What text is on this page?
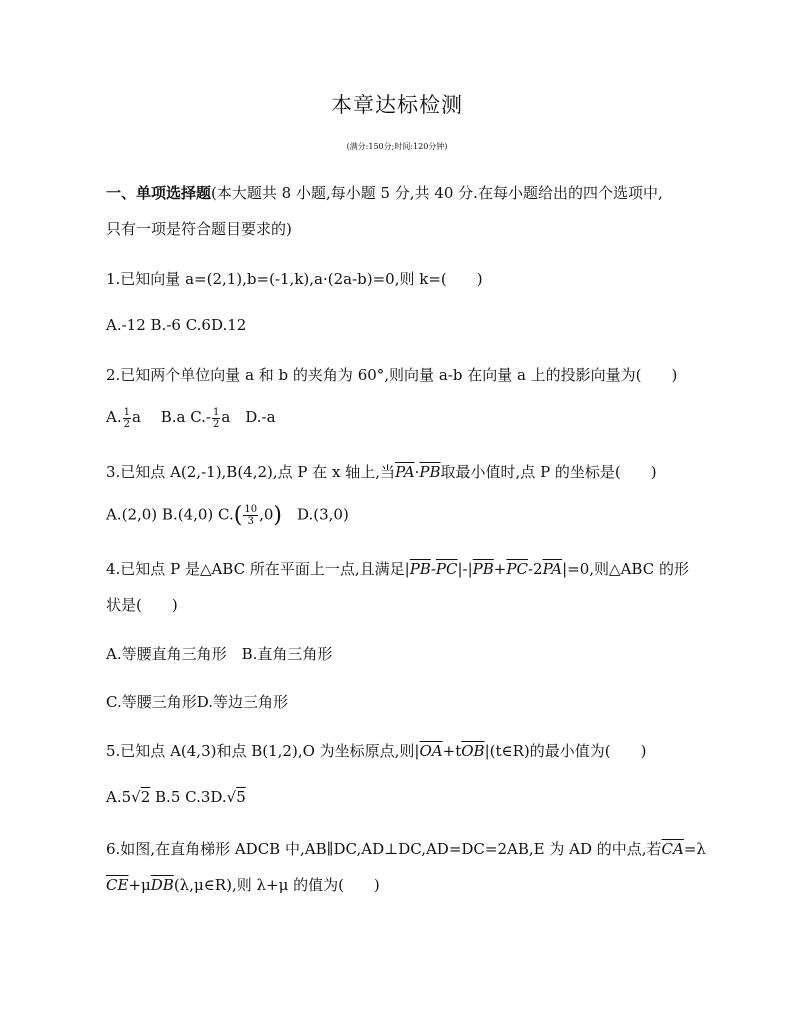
本章达标检测
(满分:150分;时间:120分钟)
一、单项选择题(本大题共 8 小题,每小题 5 分,共 40 分.在每小题给出的四个选项中,
只有一项是符合题目要求的)
1.已知向量 a=(2,1),b=(-1,k),a·(2a-b)=0,则 k=(　　)
A.-12 B.-6 C.6D.12
2.已知两个单位向量 a 和 b 的夹角为 60°,则向量 a-b 在向量 a 上的投影向量为(　　)
A. $\frac{1}{2}$ a　 B.a $C.- \frac{1}{2}$ a　D.-a
3.已知点 A(2,-1),B(4,2),点 P 在 x 轴上,当$\overline{PA}\cdot\overline{PB}$取最小值时,点 P 的坐标是(　　)
A.(2,0) B.(4,0) $C.( \frac{10}{3} ,0)$　D.(3,0)
4.已知点 P 是△ABC 所在平面上一点,且满足$|\overline{PB}-\overline{PC}|-|\overline{PB}+\overline{PC}-2\overline{PA}|=0$,则△ABC 的形
状是(　　)
A.等腰直角三角形　B.直角三角形
C.等腰三角形D.等边三角形
5.已知点 A(4,3)和点 B(1,2),O 为坐标原点,则$|\overline{OA}+t\overline{OB}|(t\in R)$的最小值为(　　)
A.5√2 B.5 C.3D.√5
6.如图,在直角梯形 ADCB 中,AB∥DC,AD⊥DC,AD=DC=2AB,E 为 AD 的中点,若$\overline{CA}=\lambda$
$\overline{CE}+\mu\overline{DB}(\lambda,\mu\in R)$,则 λ+μ 的值为(　　)
